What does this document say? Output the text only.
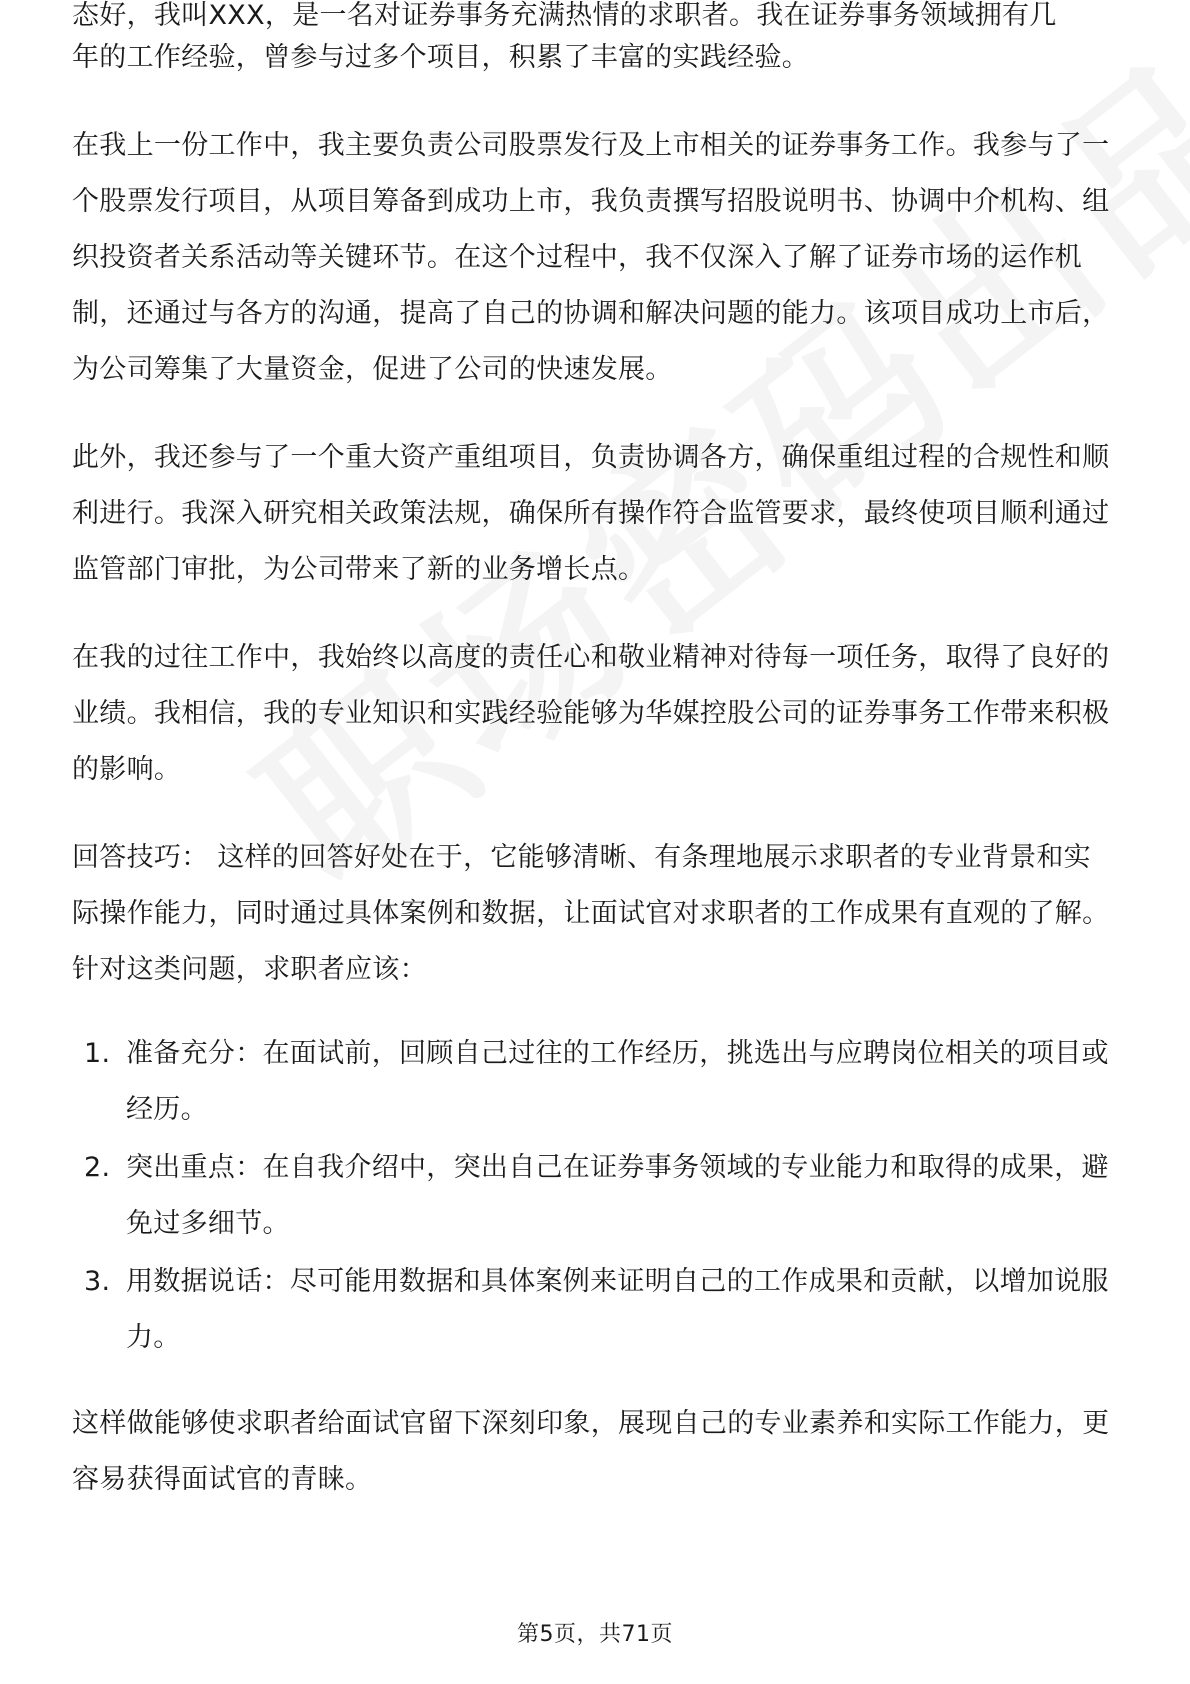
态好，我叫XXX，是一名对证券事务充满热情的求职者。我在证券事务领域拥有几

年的工作经验，曾参与过多个项目，积累了丰富的实践经验。

在我上一份工作中，我主要负责公司股票发行及上市相关的证券事务工作。我参与了一个股票发行项目，从项目筹备到成功上市，我负责撰写招股说明书、协调中介机构、组织投资者关系活动等关键环节。在这个过程中，我不仅深入了解了证券市场的运作机制，还通过与各方的沟通，提高了自己的协调和解决问题的能力。该项目成功上市后，为公司筹集了大量资金，促进了公司的快速发展。

此外，我还参与了一个重大资产重组项目，负责协调各方，确保重组过程的合规性和顺利进行。我深入研究相关政策法规，确保所有操作符合监管要求，最终使项目顺利通过监管部门审批，为公司带来了新的业务增长点。

在我的过往工作中，我始终以高度的责任心和敬业精神对待每一项任务，取得了良好的业绩。我相信，我的专业知识和实践经验能够为华媒控股公司的证券事务工作带来积极的影响。

回答技巧： 这样的回答好处在于，它能够清晰、有条理地展示求职者的专业背景和实际操作能力，同时通过具体案例和数据，让面试官对求职者的工作成果有直观的了解。针对这类问题，求职者应该：

1. 准备充分：在面试前，回顾自己过往的工作经历，挑选出与应聘岗位相关的项目或经历。
2. 突出重点：在自我介绍中，突出自己在证券事务领域的专业能力和取得的成果，避免过多细节。
3. 用数据说话：尽可能用数据和具体案例来证明自己的工作成果和贡献，以增加说服力。

这样做能够使求职者给面试官留下深刻印象，展现自己的专业素养和实际工作能力，更容易获得面试官的青睐。

第5页，共71页
